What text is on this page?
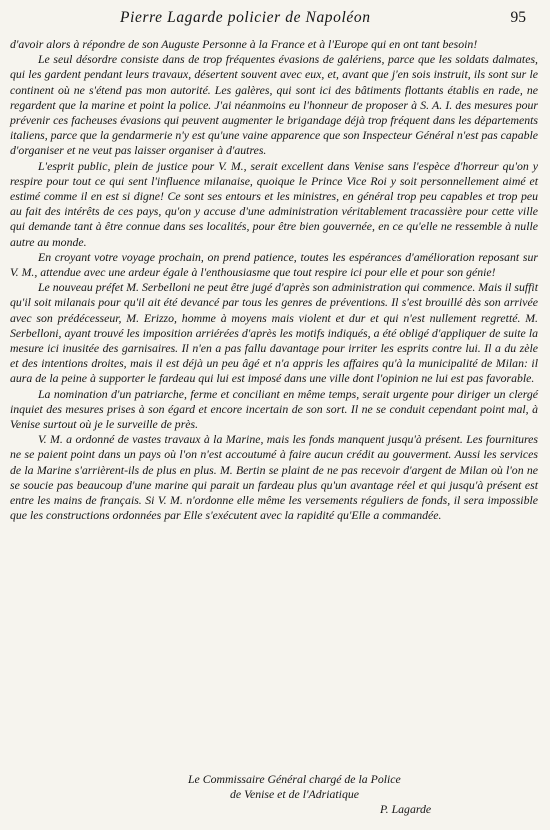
Pierre Lagarde policier de Napoléon	95

d'avoir alors à répondre de son Auguste Personne à la France et à l'Europe qui en ont tant besoin!

Le seul désordre consiste dans de trop fréquentes évasions de galériens, parce que les soldats dalmates, qui les gardent pendant leurs travaux, désertent souvent avec eux, et, avant que j'en sois instruit, ils sont sur le continent où ne s'étend pas mon autorité. Les galères, qui sont ici des bâtiments flottants établis en rade, ne regardent que la marine et point la police. J'ai néanmoins eu l'honneur de proposer à S. A. I. des mesures pour prévenir ces facheuses évasions qui peuvent augmenter le brigandage déjà trop fréquent dans les départements italiens, parce que la gendarmerie n'y est qu'une vaine apparence que son Inspecteur Général n'est pas capable d'organiser et ne veut pas laisser organiser à d'autres.

L'esprit public, plein de justice pour V. M., serait excellent dans Venise sans l'espèce d'horreur qu'on y respire pour tout ce qui sent l'influence milanaise, quoique le Prince Vice Roi y soit personnellement aimé et estimé comme il en est si digne! Ce sont ses entours et les ministres, en général trop peu capables et trop peu au fait des intérêts de ces pays, qu'on y accuse d'une administration véritablement tracassière pour cette ville qui demande tant à être connue dans ses localités, pour être bien gouvernée, en ce qu'elle ne ressemble à nulle autre au monde.

En croyant votre voyage prochain, on prend patience, toutes les espérances d'amélioration reposant sur V. M., attendue avec une ardeur égale à l'enthousiasme que tout respire ici pour elle et pour son génie!

Le nouveau préfet M. Serbelloni ne peut être jugé d'après son administration qui commence. Mais il suffit qu'il soit milanais pour qu'il ait été devancé par tous les genres de préventions. Il s'est brouillé dès son arrivée avec son prédécesseur, M. Erizzo, homme à moyens mais violent et dur et qui n'est nullement regretté. M. Serbelloni, ayant trouvé les imposition arriérées d'après les motifs indiqués, a été obligé d'appliquer de suite la mesure ici inusitée des garnisaires. Il n'en a pas fallu davantage pour irriter les esprits contre lui. Il a du zèle et des intentions droites, mais il est déjà un peu âgé et n'a appris les affaires qu'à la municipalité de Milan: il aura de la peine à supporter le fardeau qui lui est imposé dans une ville dont l'opinion ne lui est pas favorable.

La nomination d'un patriarche, ferme et conciliant en même temps, serait urgente pour diriger un clergé inquiet des mesures prises à son égard et encore incertain de son sort. Il ne se conduit cependant point mal, à Venise surtout où je le surveille de près.

V. M. a ordonné de vastes travaux à la Marine, mais les fonds manquent jusqu'à présent. Les fournitures ne se paient point dans un pays où l'on n'est accoutumé à faire aucun crédit au gouverment. Aussi les services de la Marine s'arrièrent-ils de plus en plus. M. Bertin se plaint de ne pas recevoir d'argent de Milan où l'on ne se soucie pas beaucoup d'une marine qui parait un fardeau plus qu'un avantage réel et qui jusqu'à présent est entre les mains de français. Si V. M. n'ordonne elle même les versements réguliers de fonds, il sera impossible que les constructions ordonnées par Elle s'exécutent avec la rapidité qu'Elle a commandée.

Le Commissaire Général chargé de la Police
de Venise et de l'Adriatique
P. Lagarde
